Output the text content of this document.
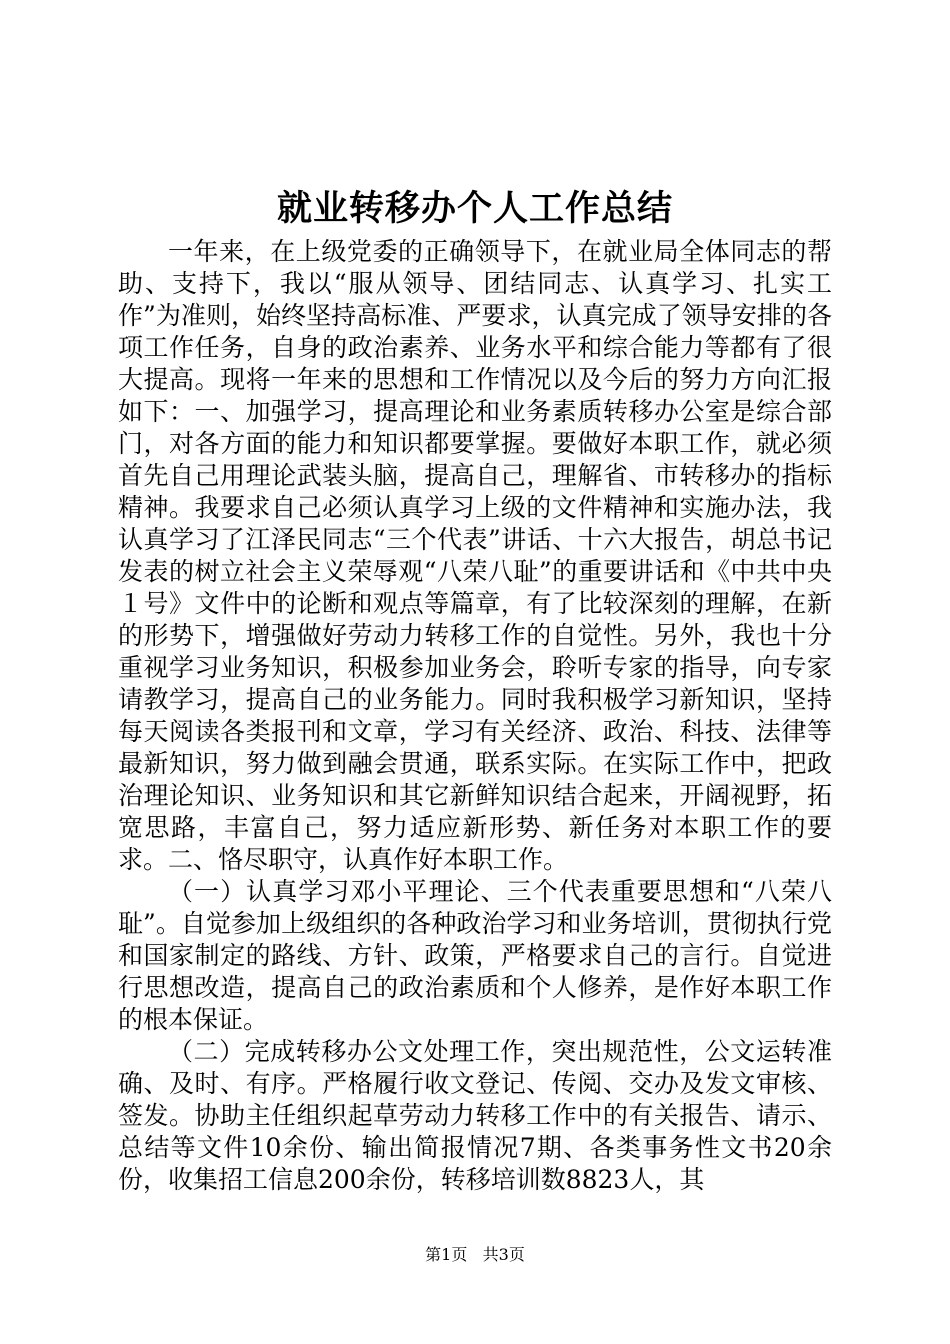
就业转移办个人工作总结

一年来，在上级党委的正确领导下，在就业局全体同志的帮助、支持下，我以“服从领导、团结同志、认真学习、扎实工作”为准则，始终坚持高标准、严要求，认真完成了领导安排的各项工作任务，自身的政治素养、业务水平和综合能力等都有了很大提高。现将一年来的思想和工作情况以及今后的努力方向汇报如下：一、加强学习，提高理论和业务素质转移办公室是综合部门，对各方面的能力和知识都要掌握。要做好本职工作，就必须首先自己用理论武装头脑，提高自己，理解省、市转移办的指标精神。我要求自己必须认真学习上级的文件精神和实施办法，我认真学习了江泽民同志“三个代表”讲话、十六大报告，胡总书记发表的树立社会主义荣辱观“八荣八耻”的重要讲话和《中共中央１号》文件中的论断和观点等篇章，有了比较深刻的理解，在新的形势下，增强做好劳动力转移工作的自觉性。另外，我也十分重视学习业务知识，积极参加业务会，聆听专家的指导，向专家请教学习，提高自己的业务能力。同时我积极学习新知识，坚持每天阅读各类报刊和文章，学习有关经济、政治、科技、法律等最新知识，努力做到融会贯通，联系实际。在实际工作中，把政治理论知识、业务知识和其它新鲜知识结合起来，开阔视野，拓宽思路，丰富自己，努力适应新形势、新任务对本职工作的要求。二、恪尽职守，认真作好本职工作。

（一）认真学习邓小平理论、三个代表重要思想和“八荣八耻”。自觉参加上级组织的各种政治学习和业务培训，贯彻执行党和国家制定的路线、方针、政策，严格要求自己的言行。自觉进行思想改造，提高自己的政治素质和个人修养，是作好本职工作的根本保证。

（二）完成转移办公文处理工作，突出规范性，公文运转准确、及时、有序。严格履行收文登记、传阅、交办及发文审核、签发。协助主任组织起草劳动力转移工作中的有关报告、请示、总结等文件10余份、输出简报情况7期、各类事务性文书20余份，收集招工信息200余份，转移培训数8823人，其

第1页 共3页
